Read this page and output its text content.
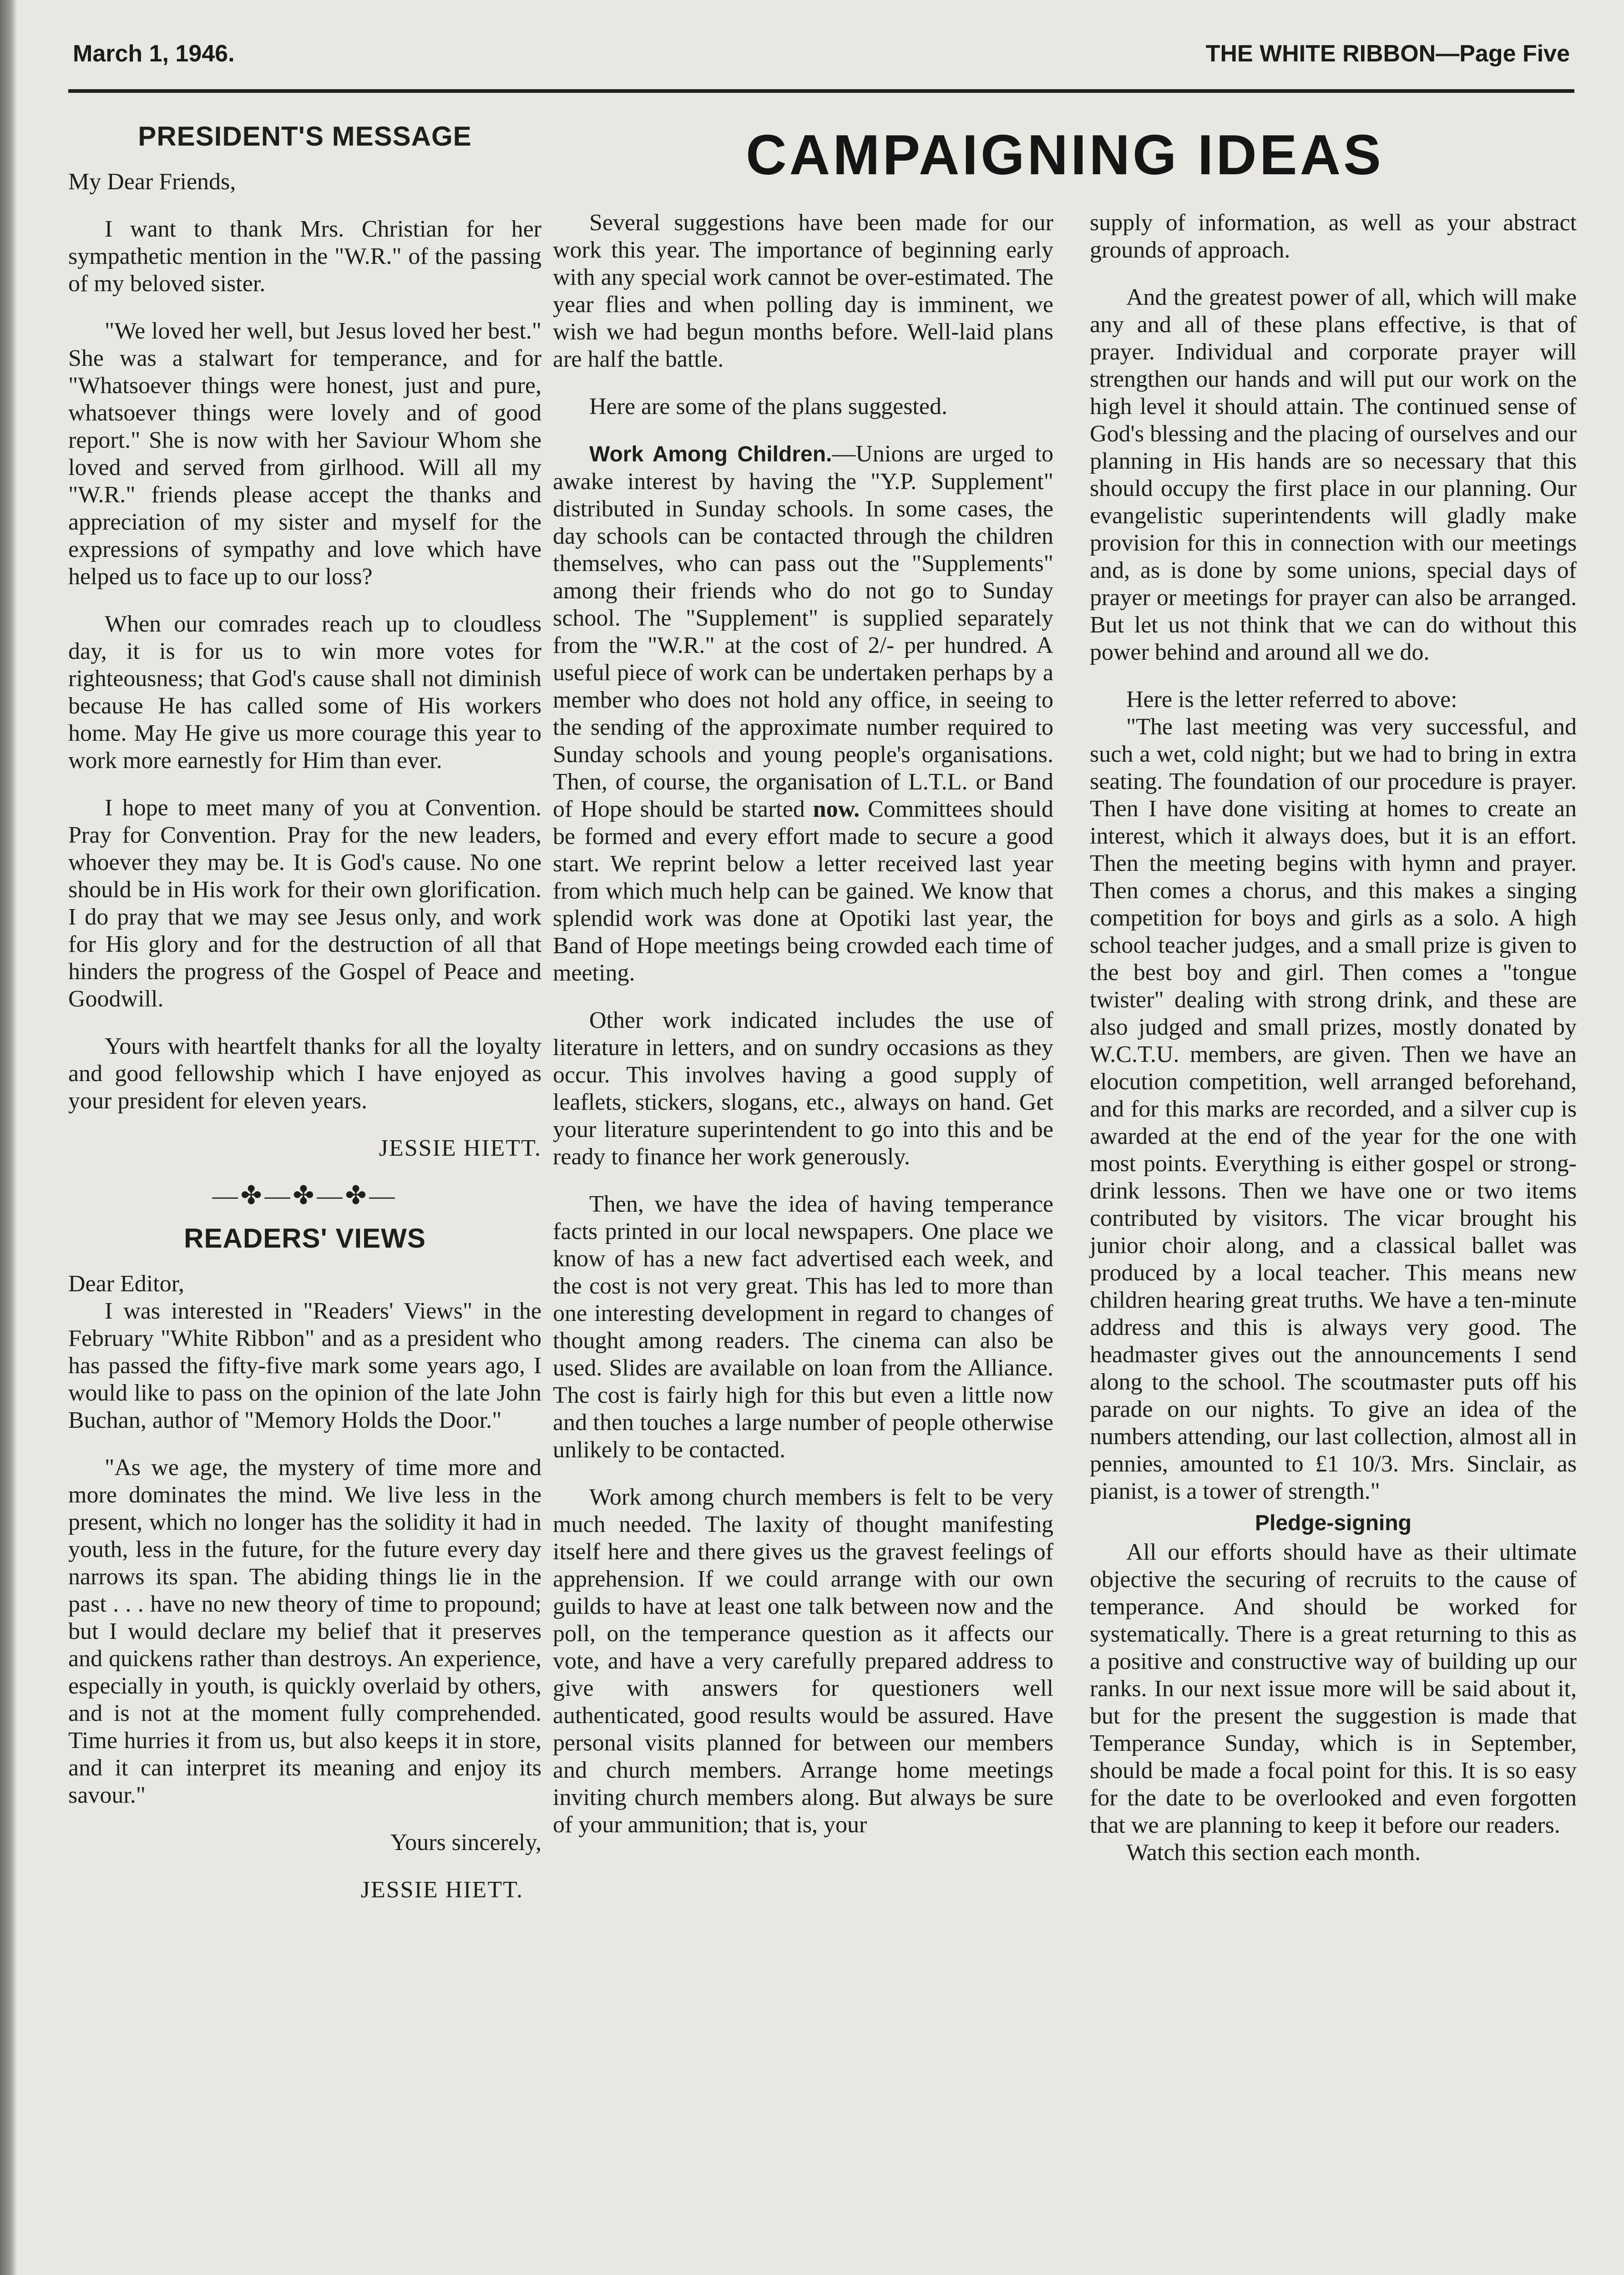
March 1, 1946.	THE WHITE RIBBON—Page Five
PRESIDENT'S MESSAGE

My Dear Friends,

I want to thank Mrs. Christian for her sympathetic mention in the "W.R." of the passing of my beloved sister.

"We loved her well, but Jesus loved her best." She was a stalwart for temperance, and for "Whatsoever things were honest, just and pure, whatsoever things were lovely and of good report." She is now with her Saviour Whom she loved and served from girlhood. Will all my "W.R." friends please accept the thanks and appreciation of my sister and myself for the expressions of sympathy and love which have helped us to face up to our loss?

When our comrades reach up to cloudless day, it is for us to win more votes for righteousness; that God's cause shall not diminish because He has called some of His workers home. May He give us more courage this year to work more earnestly for Him than ever.

I hope to meet many of you at Convention. Pray for Convention. Pray for the new leaders, whoever they may be. It is God's cause. No one should be in His work for their own glorification. I do pray that we may see Jesus only, and work for His glory and for the destruction of all that hinders the progress of the Gospel of Peace and Goodwill.

Yours with heartfelt thanks for all the loyalty and good fellowship which I have enjoyed as your president for eleven years.

JESSIE HIETT.

—✤—✤—✤—
READERS' VIEWS

Dear Editor,

I was interested in "Readers' Views" in the February "White Ribbon" and as a president who has passed the fifty-five mark some years ago, I would like to pass on the opinion of the late John Buchan, author of "Memory Holds the Door."

"As we age, the mystery of time more and more dominates the mind. We live less in the present, which no longer has the solidity it had in youth, less in the future, for the future every day narrows its span. The abiding things lie in the past . . . have no new theory of time to propound; but I would declare my belief that it preserves and quickens rather than destroys. An experience, especially in youth, is quickly overlaid by others, and is not at the moment fully comprehended. Time hurries it from us, but also keeps it in store, and it can interpret its meaning and enjoy its savour."

Yours sincerely,

JESSIE HIETT.

CAMPAIGNING IDEAS

Several suggestions have been made for our work this year. The importance of beginning early with any special work cannot be over-estimated. The year flies and when polling day is imminent, we wish we had begun months before. Well-laid plans are half the battle.

Here are some of the plans suggested.

Work Among Children.—Unions are urged to awake interest by having the "Y.P. Supplement" distributed in Sunday schools. In some cases, the day schools can be contacted through the children themselves, who can pass out the "Supplements" among their friends who do not go to Sunday school. The "Supplement" is supplied separately from the "W.R." at the cost of 2/- per hundred. A useful piece of work can be undertaken perhaps by a member who does not hold any office, in seeing to the sending of the approximate number required to Sunday schools and young people's organisations. Then, of course, the organisation of L.T.L. or Band of Hope should be started now. Committees should be formed and every effort made to secure a good start. We reprint below a letter received last year from which much help can be gained. We know that splendid work was done at Opotiki last year, the Band of Hope meetings being crowded each time of meeting.

Other work indicated includes the use of literature in letters, and on sundry occasions as they occur. This involves having a good supply of leaflets, stickers, slogans, etc., always on hand. Get your literature superintendent to go into this and be ready to finance her work generously.

Then, we have the idea of having temperance facts printed in our local newspapers. One place we know of has a new fact advertised each week, and the cost is not very great. This has led to more than one interesting development in regard to changes of thought among readers. The cinema can also be used. Slides are available on loan from the Alliance. The cost is fairly high for this but even a little now and then touches a large number of people otherwise unlikely to be contacted.

Work among church members is felt to be very much needed. The laxity of thought manifesting itself here and there gives us the gravest feelings of apprehension. If we could arrange with our own guilds to have at least one talk between now and the poll, on the temperance question as it affects our vote, and have a very carefully prepared address to give with answers for questioners well authenticated, good results would be assured. Have personal visits planned for between our members and church members. Arrange home meetings inviting church members along. But always be sure of your ammunition; that is, your

supply of information, as well as your abstract grounds of approach.

And the greatest power of all, which will make any and all of these plans effective, is that of prayer. Individual and corporate prayer will strengthen our hands and will put our work on the high level it should attain. The continued sense of God's blessing and the placing of ourselves and our planning in His hands are so necessary that this should occupy the first place in our planning. Our evangelistic superintendents will gladly make provision for this in connection with our meetings and, as is done by some unions, special days of prayer or meetings for prayer can also be arranged. But let us not think that we can do without this power behind and around all we do.

Here is the letter referred to above:

"The last meeting was very successful, and such a wet, cold night; but we had to bring in extra seating. The foundation of our procedure is prayer. Then I have done visiting at homes to create an interest, which it always does, but it is an effort. Then the meeting begins with hymn and prayer. Then comes a chorus, and this makes a singing competition for boys and girls as a solo. A high school teacher judges, and a small prize is given to the best boy and girl. Then comes a "tongue twister" dealing with strong drink, and these are also judged and small prizes, mostly donated by W.C.T.U. members, are given. Then we have an elocution competition, well arranged beforehand, and for this marks are recorded, and a silver cup is awarded at the end of the year for the one with most points. Everything is either gospel or strong-drink lessons. Then we have one or two items contributed by visitors. The vicar brought his junior choir along, and a classical ballet was produced by a local teacher. This means new children hearing great truths. We have a ten-minute address and this is always very good. The headmaster gives out the announcements I send along to the school. The scoutmaster puts off his parade on our nights. To give an idea of the numbers attending, our last collection, almost all in pennies, amounted to £1 10/3. Mrs. Sinclair, as pianist, is a tower of strength."

Pledge-signing

All our efforts should have as their ultimate objective the securing of recruits to the cause of temperance. And should be worked for systematically. There is a great returning to this as a positive and constructive way of building up our ranks. In our next issue more will be said about it, but for the present the suggestion is made that Temperance Sunday, which is in September, should be made a focal point for this. It is so easy for the date to be overlooked and even forgotten that we are planning to keep it before our readers.

Watch this section each month.
